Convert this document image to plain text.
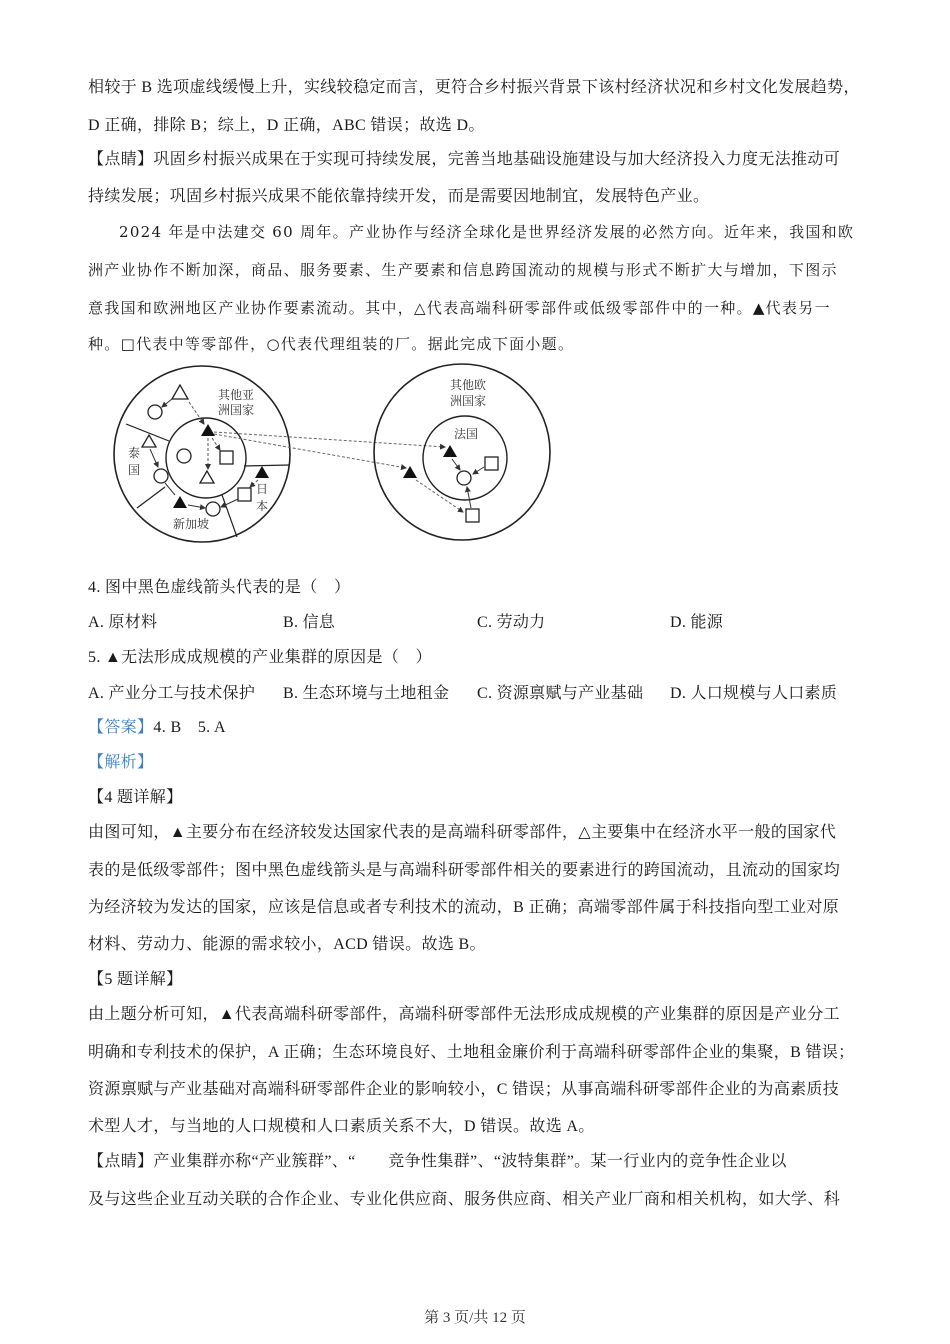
相较于 B 选项虚线缓慢上升，实线较稳定而言，更符合乡村振兴背景下该村经济状况和乡村文化发展趋势，
D 正确，排除 B；综上，D 正确，ABC 错误；故选 D。
【点睛】巩固乡村振兴成果在于实现可持续发展，完善当地基础设施建设与加大经济投入力度无法推动可
持续发展；巩固乡村振兴成果不能依靠持续开发，而是需要因地制宜，发展特色产业。
2024 年是中法建交 60 周年。产业协作与经济全球化是世界经济发展的必然方向。近年来，我国和欧
洲产业协作不断加深，商品、服务要素、生产要素和信息跨国流动的规模与形式不断扩大与增加，下图示
意我国和欧洲地区产业协作要素流动。其中，△代表高端科研零部件或低级零部件中的一种。▲代表另一
种。□代表中等零部件，○代表代理组装的厂。据此完成下面小题。
其他亚
洲国家
泰
国
新加坡
日
本
其他欧
洲国家
法国
4. 图中黑色虚线箭头代表的是（　）
A. 原材料	B. 信息	C. 劳动力	D. 能源
5. ▲无法形成成规模的产业集群的原因是（　）
A. 产业分工与技术保护 B. 生态环境与土地租金 C. 资源禀赋与产业基础 D. 人口规模与人口素质
【答案】4. B　5. A
【解析】
【4 题详解】
由图可知，▲主要分布在经济较发达国家代表的是高端科研零部件，△主要集中在经济水平一般的国家代
表的是低级零部件；图中黑色虚线箭头是与高端科研零部件相关的要素进行的跨国流动，且流动的国家均
为经济较为发达的国家，应该是信息或者专利技术的流动，B 正确；高端零部件属于科技指向型工业对原
材料、劳动力、能源的需求较小，ACD 错误。故选 B。
【5 题详解】
由上题分析可知，▲代表高端科研零部件，高端科研零部件无法形成成规模的产业集群的原因是产业分工
明确和专利技术的保护，A 正确；生态环境良好、土地租金廉价利于高端科研零部件企业的集聚，B 错误；
资源禀赋与产业基础对高端科研零部件企业的影响较小，C 错误；从事高端科研零部件企业的为高素质技
术型人才，与当地的人口规模和人口素质关系不大，D 错误。故选 A。
【点睛】产业集群亦称“产业簇群”、“　　竞争性集群”、“波特集群”。某一行业内的竞争性企业以
及与这些企业互动关联的合作企业、专业化供应商、服务供应商、相关产业厂商和相关机构，如大学、科
第 3 页/共 12 页
